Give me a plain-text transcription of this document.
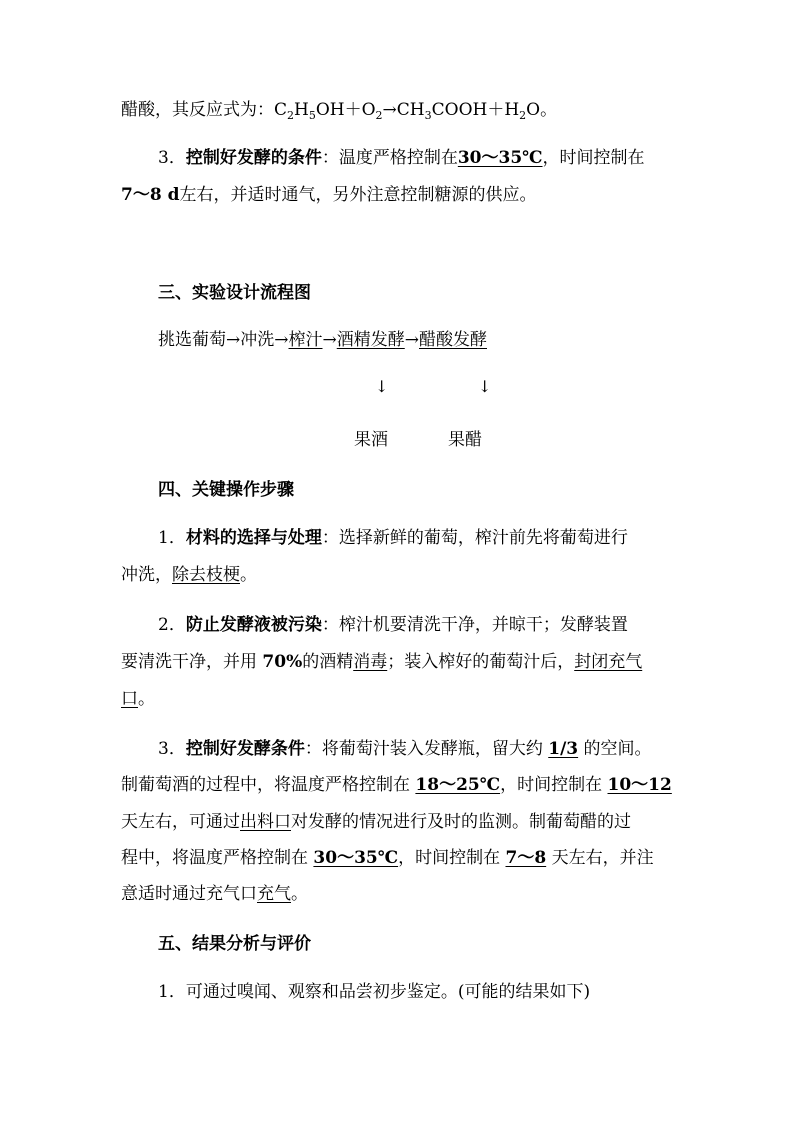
醋酸，其反应式为：$C_2H_5OH+O_2\to CH_3COOH+H_2O$。
3．控制好发酵的条件：温度严格控制在30～35℃，时间控制在
7～8 d左右，并适时通气，另外注意控制糖源的供应。
三、实验设计流程图
挑选葡萄→冲洗→榨汁→酒精发酵→醋酸发酵
↓	↓
果酒	果醋
四、关键操作步骤
1．材料的选择与处理：选择新鲜的葡萄，榨汁前先将葡萄进行
冲洗，除去枝梗。
2．防止发酵液被污染：榨汁机要清洗干净，并晾干；发酵装置
要清洗干净，并用 70%的酒精消毒；装入榨好的葡萄汁后，封闭充气
口。
3．控制好发酵条件：将葡萄汁装入发酵瓶，留大约 1/3 的空间。
制葡萄酒的过程中，将温度严格控制在 18～25℃，时间控制在 10～12
天左右，可通过出料口对发酵的情况进行及时的监测。制葡萄醋的过
程中，将温度严格控制在 30～35℃，时间控制在 7～8 天左右，并注
意适时通过充气口充气。
五、结果分析与评价
1．可通过嗅闻、观察和品尝初步鉴定。(可能的结果如下)
